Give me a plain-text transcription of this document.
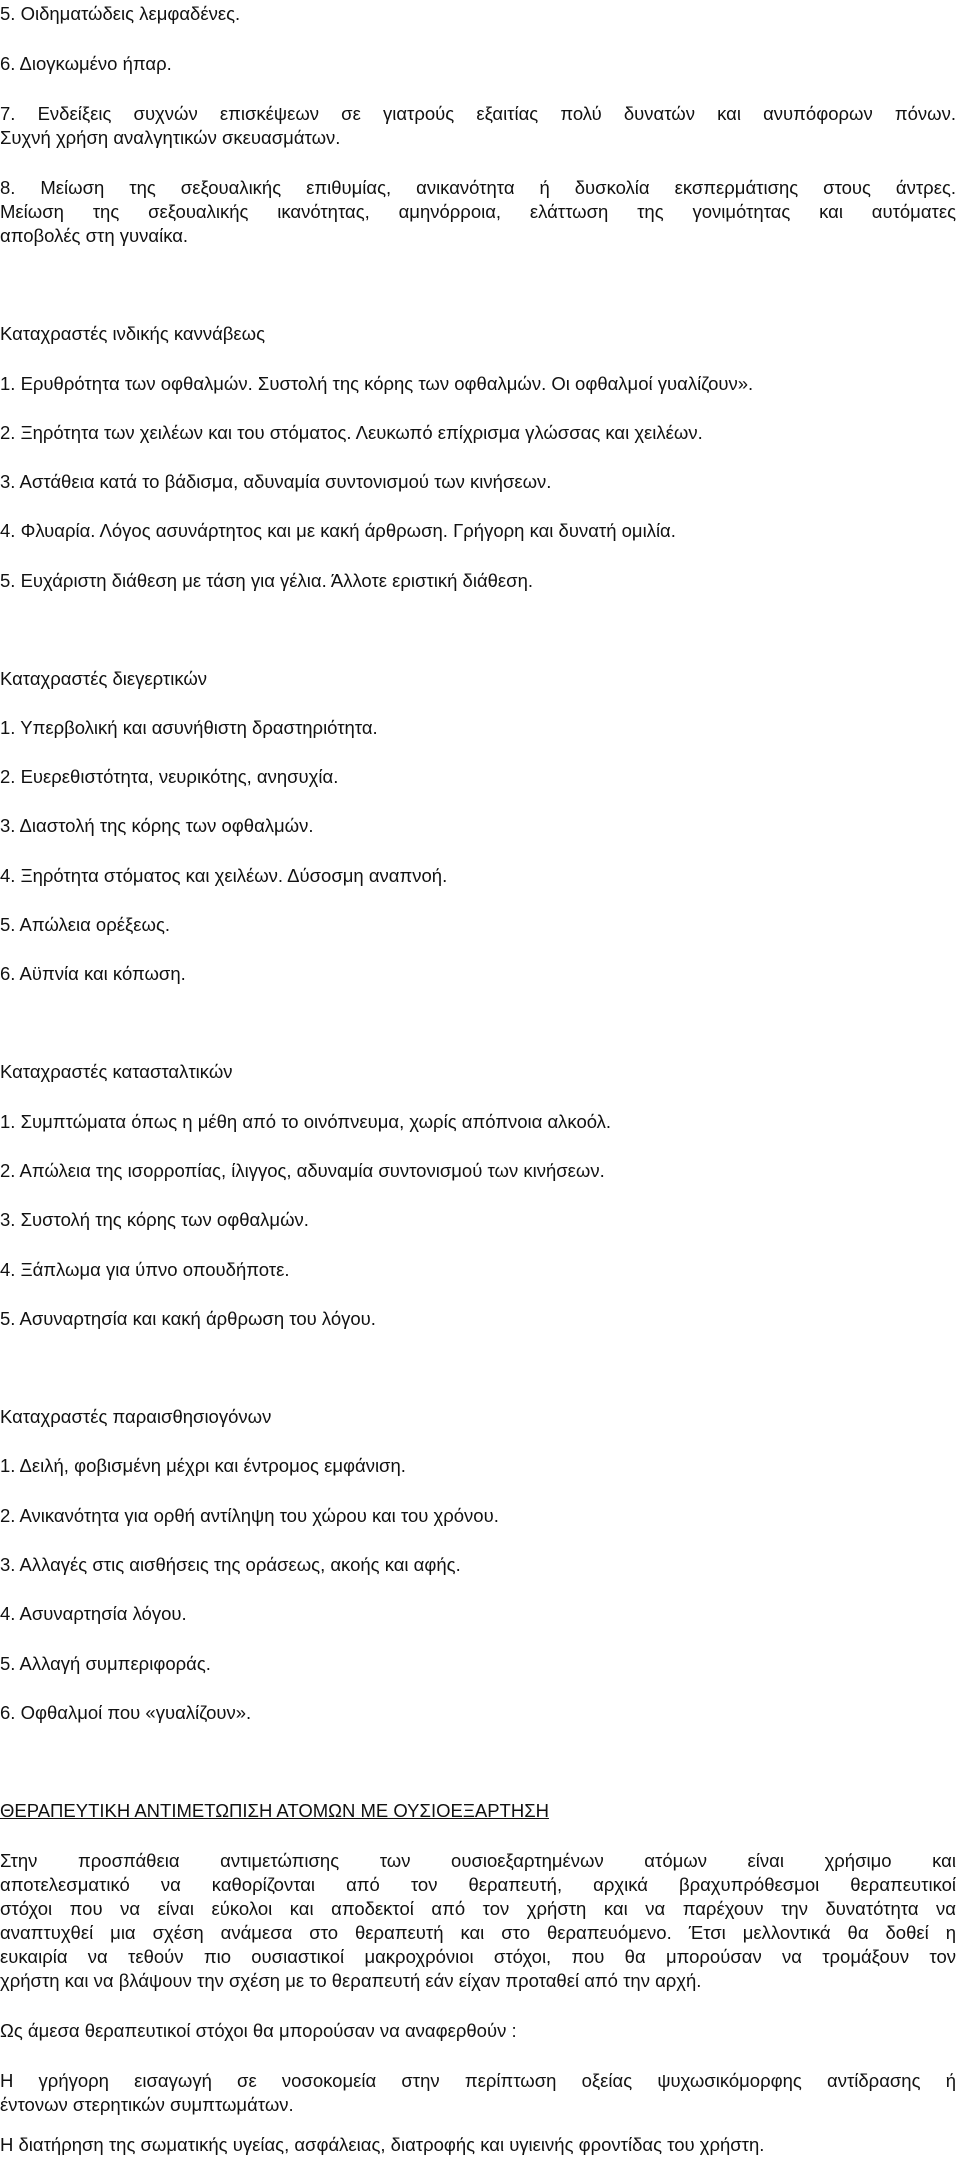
5. Οιδηματώδεις λεμφαδένες.
6. Διογκωμένο ήπαρ.
7. Ενδείξεις συχνών επισκέψεων σε γιατρούς εξαιτίας πολύ δυνατών και ανυπόφορων πόνων.
Συχνή χρήση αναλγητικών σκευασμάτων.
8. Μείωση της σεξουαλικής επιθυμίας, ανικανότητα ή δυσκολία εκσπερμάτισης στους άντρες.
Μείωση της σεξουαλικής ικανότητας, αμηνόρροια, ελάττωση της γονιμότητας και αυτόματες
αποβολές στη γυναίκα.
Καταχραστές ινδικής καννάβεως
1. Ερυθρότητα των οφθαλμών. Συστολή της κόρης των οφθαλμών. Οι οφθαλμοί γυαλίζουν».
2. Ξηρότητα των χειλέων και του στόματος. Λευκωπό επίχρισμα γλώσσας και χειλέων.
3. Αστάθεια κατά το βάδισμα, αδυναμία συντονισμού των κινήσεων.
4. Φλυαρία. Λόγος ασυνάρτητος και με κακή άρθρωση. Γρήγορη και δυνατή ομιλία.
5. Ευχάριστη διάθεση με τάση για γέλια. Άλλοτε εριστική διάθεση.
Καταχραστές διεγερτικών
1. Υπερβολική και ασυνήθιστη δραστηριότητα.
2. Ευερεθιστότητα, νευρικότης, ανησυχία.
3. Διαστολή της κόρης των οφθαλμών.
4. Ξηρότητα στόματος και χειλέων. Δύσοσμη αναπνοή.
5. Απώλεια ορέξεως.
6. Αϋπνία και κόπωση.
Καταχραστές κατασταλτικών
1. Συμπτώματα όπως η μέθη από το οινόπνευμα, χωρίς απόπνοια αλκοόλ.
2. Απώλεια της ισορροπίας, ίλιγγος, αδυναμία συντονισμού των κινήσεων.
3. Συστολή της κόρης των οφθαλμών.
4. Ξάπλωμα για ύπνο οπουδήποτε.
5. Ασυναρτησία και κακή άρθρωση του λόγου.
Καταχραστές παραισθησιογόνων
1. Δειλή, φοβισμένη μέχρι και έντρομος εμφάνιση.
2. Ανικανότητα για ορθή αντίληψη του χώρου και του χρόνου.
3. Αλλαγές στις αισθήσεις της οράσεως, ακοής και αφής.
4. Ασυναρτησία λόγου.
5. Αλλαγή συμπεριφοράς.
6. Οφθαλμοί που «γυαλίζουν».
ΘΕΡΑΠΕΥΤΙΚΗ ΑΝΤΙΜΕΤΩΠΙΣΗ ΑΤΟΜΩΝ ΜΕ ΟΥΣΙΟΕΞΑΡΤΗΣΗ
Στην προσπάθεια αντιμετώπισης των ουσιοεξαρτημένων ατόμων είναι χρήσιμο και
αποτελεσματικό να καθορίζονται από τον θεραπευτή, αρχικά βραχυπρόθεσμοι θεραπευτικοί
στόχοι που να είναι εύκολοι και αποδεκτοί από τον χρήστη και να παρέχουν την δυνατότητα να
αναπτυχθεί μια σχέση ανάμεσα στο θεραπευτή και στο θεραπευόμενο. Έτσι μελλοντικά θα δοθεί η
ευκαιρία να τεθούν πιο ουσιαστικοί μακροχρόνιοι στόχοι, που θα μπορούσαν να τρομάξουν τον
χρήστη και να βλάψουν την σχέση με το θεραπευτή εάν είχαν προταθεί από την αρχή.
Ως άμεσα θεραπευτικοί στόχοι θα μπορούσαν να αναφερθούν :
Η γρήγορη εισαγωγή σε νοσοκομεία στην περίπτωση οξείας ψυχωσικόμορφης αντίδρασης ή
έντονων στερητικών συμπτωμάτων.
Η διατήρηση της σωματικής υγείας, ασφάλειας, διατροφής και υγιεινής φροντίδας του χρήστη.
